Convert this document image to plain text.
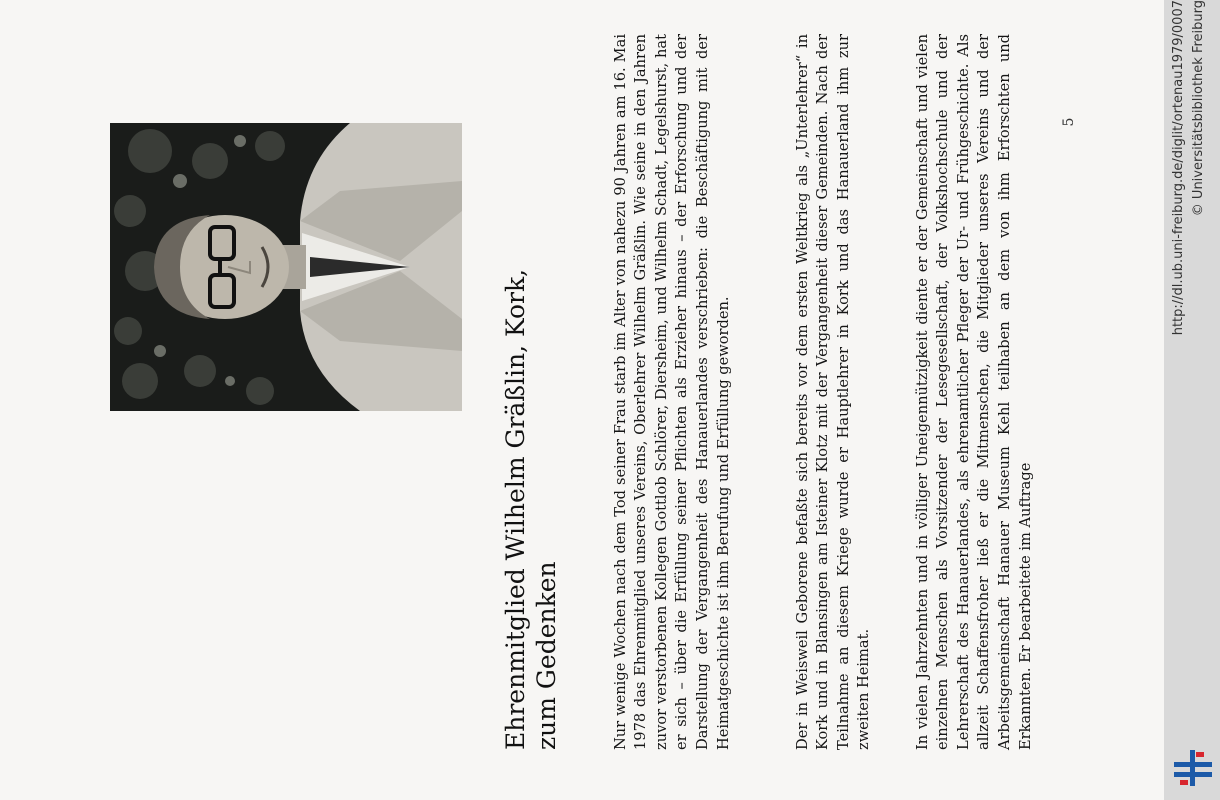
Ehrenmitglied Wilhelm Gräßlin, Kork, zum Gedenken	Nur wenige Wochen nach dem Tod seiner Frau starb im Alter von nahezu 90 Jahren am 16. Mai 1978 das Ehrenmitglied unseres Vereins, Oberlehrer Wilhelm Gräßlin. Wie seine in den Jahren zuvor verstorbenen Kollegen Gottlob Schlörer, Diersheim, und Wilhelm Schadt, Legelshurst, hat er sich – über die Erfüllung seiner Pflichten als Erzieher hinaus – der Erforschung und der Darstellung der Vergangenheit des Hanauerlandes verschrieben: die Beschäftigung mit der Heimatgeschichte ist ihm Berufung und Erfüllung geworden.	Der in Weisweil Geborene befaßte sich bereits vor dem ersten Weltkrieg als „Unterlehrer“ in Kork und in Blansingen am Isteiner Klotz mit der Vergangenheit dieser Gemeinden. Nach der Teilnahme an diesem Kriege wurde er Hauptlehrer in Kork und das Hanauerland ihm zur zweiten Heimat.	In vielen Jahrzehnten und in völliger Uneigennützigkeit diente er der Gemeinschaft und vielen einzelnen Menschen als Vorsitzender der Lesegesellschaft, der Volkshochschule und der Lehrerschaft des Hanauerlandes, als ehrenamtlicher Pfleger der Ur- und Frühgeschichte. Als allzeit Schaffensfroher ließ er die Mitmenschen, die Mitglieder unseres Vereins und der Arbeitsgemeinschaft Hanauer Museum Kehl teilhaben an dem von ihm Erforschten und Erkannten. Er bearbeitete im Auftrage

5	http://dl.ub.uni-freiburg.de/diglit/ortenau1979/0007 © Universitätsbibliothek Freiburg
